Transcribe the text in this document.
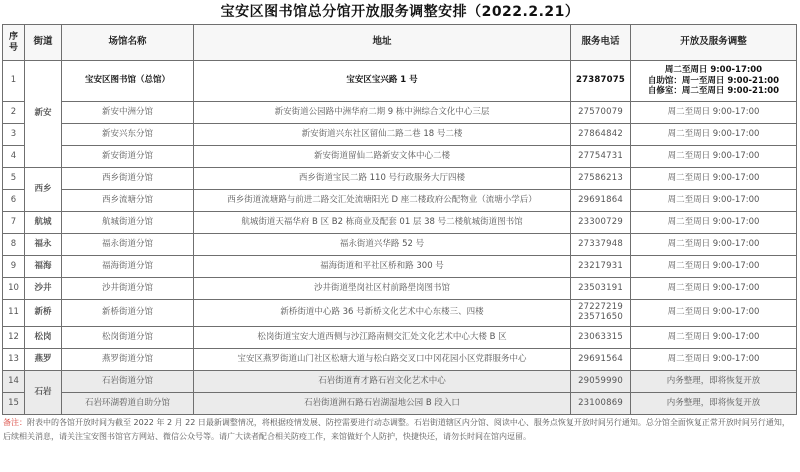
宝安区图书馆总分馆开放服务调整安排（2022.2.21）
序号	街道	场馆名称	地址	服务电话	开放及服务调整
1	新安	宝安区图书馆（总馆）	宝安区宝兴路 1 号	27387075	周二至周日 9:00-17:00
自助馆：周一至周日 9:00-21:00
自修室：周二至周日 9:00-21:00

2		新安中洲分馆	新安街道公园路中洲华府二期 9 栋中洲综合文化中心三层	27570079	周二至周日 9:00-17:00
3		新安兴东分馆	新安街道兴东社区留仙二路二巷 18 号二楼	27864842	周二至周日 9:00-17:00
4		新安街道分馆	新安街道留仙二路新安文体中心二楼	27754731	周二至周日 9:00-17:00
5	西乡	西乡街道分馆	西乡街道宝民二路 110 号行政服务大厅四楼	27586213	周二至周日 9:00-17:00
6		西乡流塘分馆	西乡街道流塘路与前进二路交汇处流塘阳光 D 座二楼政府公配物业（流塘小学后）	29691864	周二至周日 9:00-17:00
7	航城	航城街道分馆	航城街道天福华府 B 区 B2 栋商业及配套 01 层 38 号二楼航城街道图书馆	23300729	周二至周日 9:00-17:00
8	福永	福永街道分馆	福永街道兴华路 52 号	27337948	周二至周日 9:00-17:00
9	福海	福海街道分馆	福海街道和平社区桥和路 300 号	23217931	周二至周日 9:00-17:00
10	沙井	沙井街道分馆	沙井街道壆岗社区村前路壆岗图书馆	23503191	周二至周日 9:00-17:00
11	新桥	新桥街道分馆	新桥街道中心路 36 号新桥文化艺术中心东楼三、四楼	27227219
23571650	周二至周日 9:00-17:00
12	松岗	松岗街道分馆	松岗街道宝安大道西侧与沙江路南侧交汇处文化艺术中心大楼 B 区	23063315	周二至周日 9:00-17:00
13	燕罗	燕罗街道分馆	宝安区燕罗街道山门社区松塘大道与松白路交叉口中冈花园小区党群服务中心	29691564	周二至周日 9:00-17:00
14	石岩	石岩街道分馆	石岩街道育才路石岩文化艺术中心	29059990	内务整理，即将恢复开放
15		石岩环湖碧道自助分馆	石岩街道洲石路石岩湖湿地公园 B 段入口	23100869	内务整理，即将恢复开放
备注：附表中的各馆开放时间为截至 2022 年 2 月 22 日最新调整情况，将根据疫情发展、防控需要进行动态调整。石岩街道辖区内分馆、阅读中心、服务点恢复开放时间另行通知。总分馆全面恢复正常开放时间另行通知，后续相关消息，请关注宝安图书馆官方网站、微信公众号等。请广大读者配合相关防疫工作，来馆做好个人防护，快捷快还，请勿长时间在馆内逗留。
